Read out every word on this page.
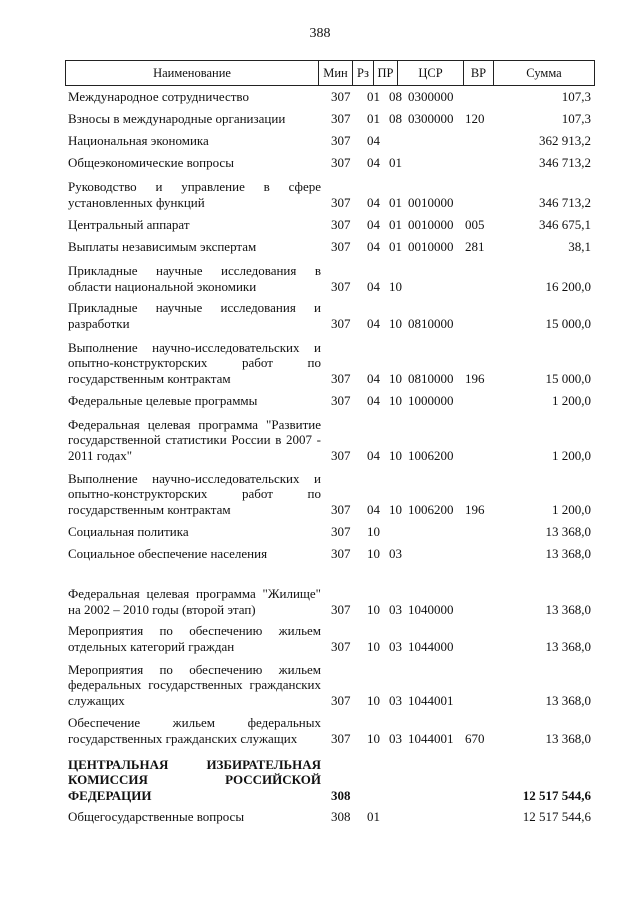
388
Наименование	Мин Рз ПР	ЦСР	ВР	Сумма
Международное сотрудничество	307 01 08 0300000	107,3
Взносы в международные организации	307 01 08 0300000 120	107,3
Национальная экономика	307 04	362 913,2
Общеэкономические вопросы	307 04 01	346 713,2
Руководство и управление в сфере установленных функций	307 04 01 0010000	346 713,2
Центральный аппарат	307 04 01 0010000 005	346 675,1
Выплаты независимым экспертам	307 04 01 0010000 281	38,1
Прикладные научные исследования в области национальной экономики	307 04 10	16 200,0
Прикладные научные исследования и разработки	307 04 10 0810000	15 000,0
Выполнение научно-исследовательских и опытно-конструкторских работ по государственным контрактам	307 04 10 0810000 196	15 000,0
Федеральные целевые программы	307 04 10 1000000	1 200,0
Федеральная целевая программа "Развитие государственной статистики России в 2007 - 2011 годах"	307 04 10 1006200	1 200,0
Выполнение научно-исследовательских и опытно-конструкторских работ по государственным контрактам	307 04 10 1006200 196	1 200,0
Социальная политика	307 10	13 368,0
Социальное обеспечение населения	307 10 03	13 368,0
Федеральная целевая программа "Жилище" на 2002 – 2010 годы (второй этап)	307 10 03 1040000	13 368,0
Мероприятия по обеспечению жильем отдельных категорий граждан	307 10 03 1044000	13 368,0
Мероприятия по обеспечению жильем федеральных государственных гражданских служащих	307 10 03 1044001	13 368,0
Обеспечение жильем федеральных государственных гражданских служащих	307 10 03 1044001 670	13 368,0
ЦЕНТРАЛЬНАЯ ИЗБИРАТЕЛЬНАЯ КОМИССИЯ РОССИЙСКОЙ ФЕДЕРАЦИИ	308	12 517 544,6
Общегосударственные вопросы	308 01	12 517 544,6
